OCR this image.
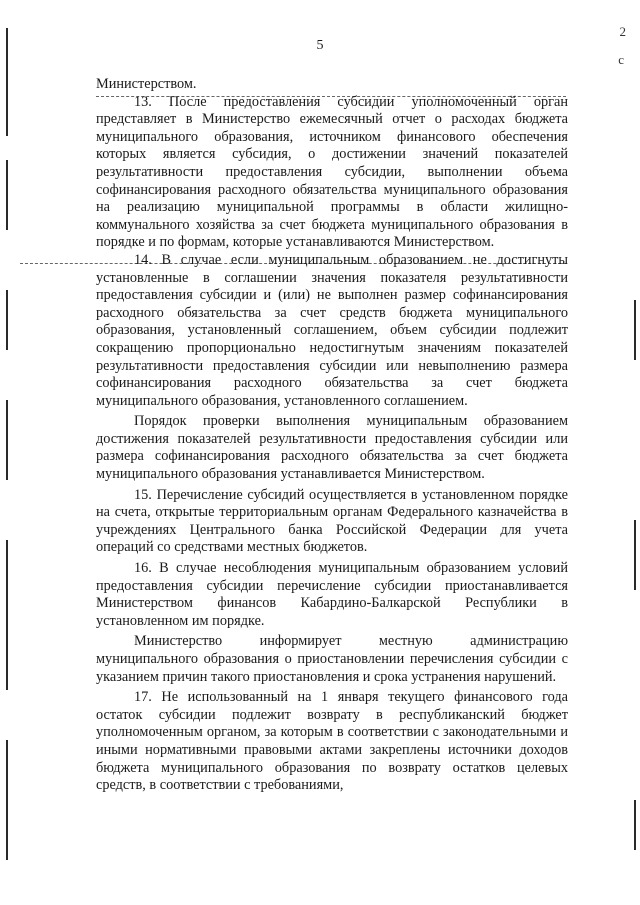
5
2
c

Министерством.

13. После предоставления субсидии уполномоченный орган представляет в Министерство ежемесячный отчет о расходах бюджета муниципального образования, источником финансового обеспечения которых является субсидия, о достижении значений показателей результативности предоставления субсидии, выполнении объема софинансирования расходного обязательства муниципального образования на реализацию муниципальной программы в области жилищно-коммунального хозяйства за счет бюджета муниципального образования в порядке и по формам, которые устанавливаются Министерством.

14. В случае если муниципальным образованием не достигнуты установленные в соглашении значения показателя результативности предоставления субсидии и (или) не выполнен размер софинансирования расходного обязательства за счет средств бюджета муниципального образования, установленный соглашением, объем субсидии подлежит сокращению пропорционально недостигнутым значениям показателей результативности предоставления субсидии или невыполнению размера софинансирования расходного обязательства за счет бюджета муниципального образования, установленного соглашением.

Порядок проверки выполнения муниципальным образованием достижения показателей результативности предоставления субсидии или размера софинансирования расходного обязательства за счет бюджета муниципального образования устанавливается Министерством.

15. Перечисление субсидий осуществляется в установленном порядке на счета, открытые территориальным органам Федерального казначейства в учреждениях Центрального банка Российской Федерации для учета операций со средствами местных бюджетов.

16. В случае несоблюдения муниципальным образованием условий предоставления субсидии перечисление субсидии приостанавливается Министерством финансов Кабардино-Балкарской Республики в установленном им порядке.

Министерство информирует местную администрацию муниципального образования о приостановлении перечисления субсидии с указанием причин такого приостановления и срока устранения нарушений.

17. Не использованный на 1 января текущего финансового года остаток субсидии подлежит возврату в республиканский бюджет уполномоченным органом, за которым в соответствии с законодательными и иными нормативными правовыми актами закреплены источники доходов бюджета муниципального образования по возврату остатков целевых средств, в соответствии с требованиями,
